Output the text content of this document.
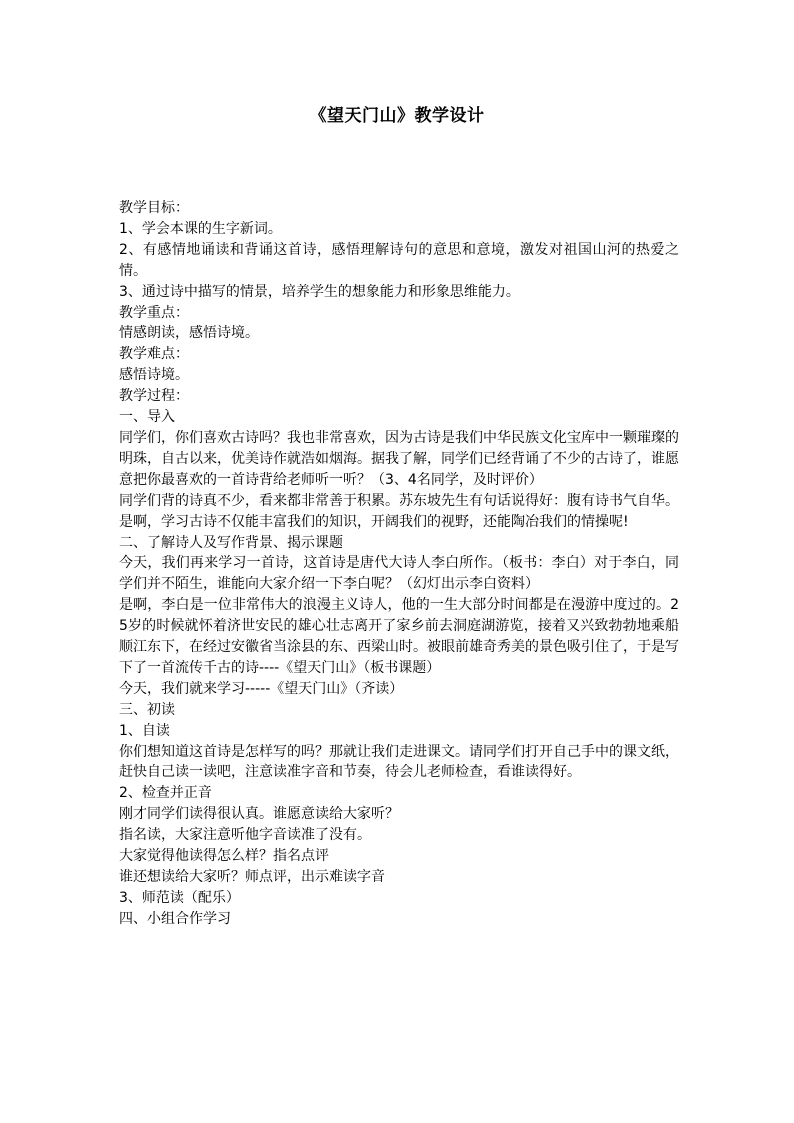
《望天门山》教学设计

教学目标：

1、学会本课的生字新词。

2、有感情地诵读和背诵这首诗，感悟理解诗句的意思和意境，激发对祖国山河的热爱之情。

3、通过诗中描写的情景，培养学生的想象能力和形象思维能力。

教学重点：

情感朗读，感悟诗境。

教学难点：

感悟诗境。

教学过程：

一、导入

同学们，你们喜欢古诗吗？我也非常喜欢，因为古诗是我们中华民族文化宝库中一颗璀璨的明珠，自古以来，优美诗作就浩如烟海。据我了解，同学们已经背诵了不少的古诗了，谁愿意把你最喜欢的一首诗背给老师听一听？（3、4名同学，及时评价）

同学们背的诗真不少，看来都非常善于积累。苏东坡先生有句话说得好：腹有诗书气自华。是啊，学习古诗不仅能丰富我们的知识，开阔我们的视野，还能陶冶我们的情操呢!

二、了解诗人及写作背景、揭示课题

今天，我们再来学习一首诗，这首诗是唐代大诗人李白所作。（板书：李白）对于李白，同学们并不陌生，谁能向大家介绍一下李白呢？（幻灯出示李白资料）

是啊，李白是一位非常伟大的浪漫主义诗人，他的一生大部分时间都是在漫游中度过的。25岁的时候就怀着济世安民的雄心壮志离开了家乡前去洞庭湖游览，接着又兴致勃勃地乘船顺江东下，在经过安徽省当涂县的东、西梁山时。被眼前雄奇秀美的景色吸引住了，于是写下了一首流传千古的诗----《望天门山》（板书课题）

今天，我们就来学习-----《望天门山》（齐读）

三、初读

1、自读

你们想知道这首诗是怎样写的吗？那就让我们走进课文。请同学们打开自己手中的课文纸，赶快自己读一读吧，注意读准字音和节奏，待会儿老师检查，看谁读得好。

2、检查并正音

刚才同学们读得很认真。谁愿意读给大家听？

指名读，大家注意听他字音读准了没有。

大家觉得他读得怎么样？指名点评

谁还想读给大家听？师点评，出示难读字音

3、师范读（配乐）

四、小组合作学习
